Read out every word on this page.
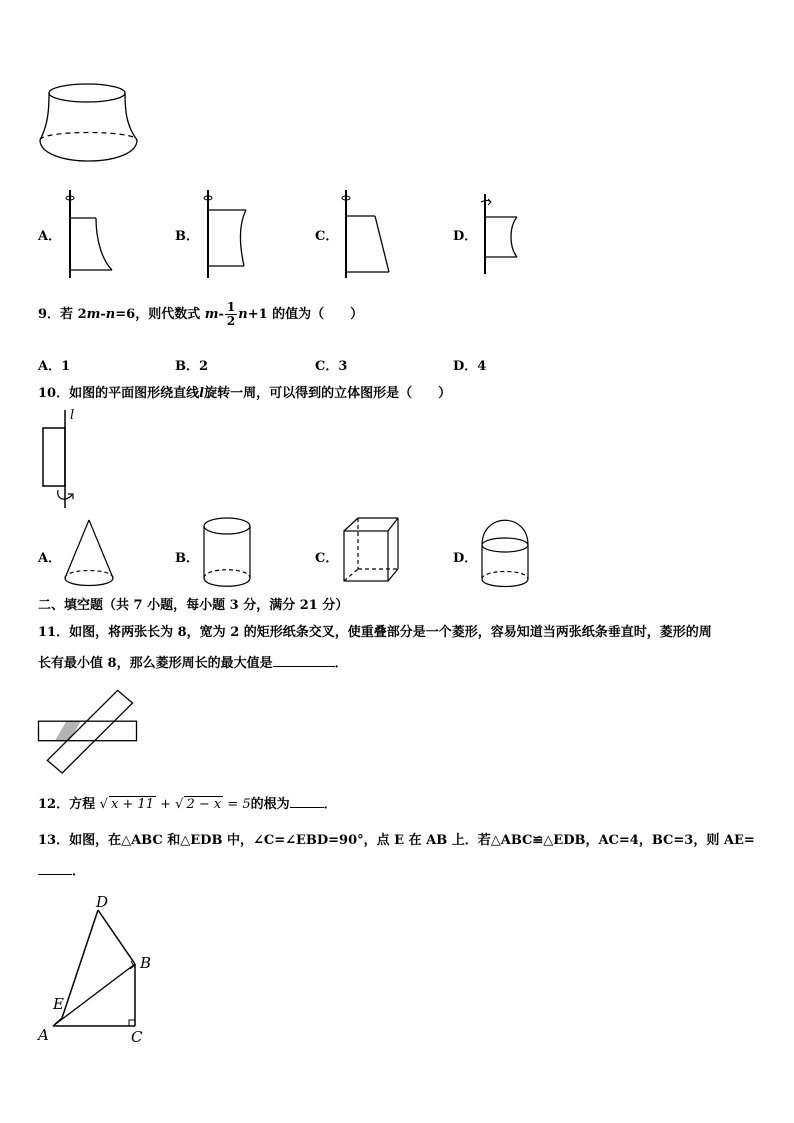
A．	B．	C．	D．
9．若 2m-n=6，则代数式 $m- \frac{1}{2} n+1$ 的值为（　　）
A．1	B．2	C．3	D．4
10．如图的平面图形绕直线l旋转一周，可以得到的立体图形是（　　）
l
A．	B．	C．	D．
二、填空题（共 7 小题，每小题 3 分，满分 21 分）
11．如图，将两张长为 8，宽为 2 的矩形纸条交叉，使重叠部分是一个菱形，容易知道当两张纸条垂直时，菱形的周
长有最小值 8，那么菱形周长的最大值是	．
12．方程 √ x + 11 + √ 2 − x = 5的根为	．
13．如图，在△ABC 和△EDB 中，∠C=∠EBD=90°，点 E 在 AB 上．若△ABC≌△EDB，AC=4，BC=3，则 AE=
．
D
B
E
A	C
